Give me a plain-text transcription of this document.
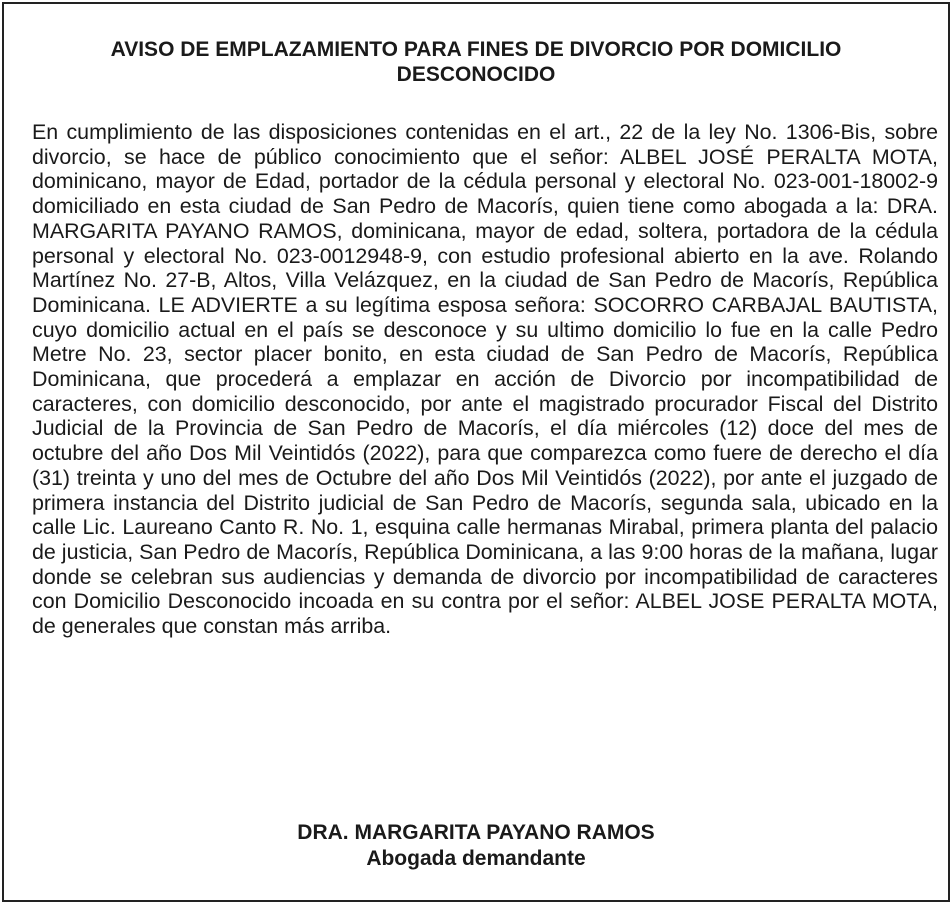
AVISO DE EMPLAZAMIENTO PARA FINES DE DIVORCIO POR DOMICILIO DESCONOCIDO

En cumplimiento de las disposiciones contenidas en el art., 22 de la ley No. 1306-Bis, sobre divorcio, se hace de público conocimiento que el señor: ALBEL JOSÉ PERALTA MOTA, dominicano, mayor de Edad, portador de la cédula personal y electoral No. 023-001-18002-9 domiciliado en esta ciudad de San Pedro de Macorís, quien tiene como abogada a la: DRA. MARGARITA PAYANO RAMOS, dominicana, mayor de edad, soltera, portadora de la cédula personal y electoral No. 023-0012948-9, con estudio profesional abierto en la ave. Rolando Martínez No. 27-B, Altos, Villa Velázquez, en la ciudad de San Pedro de Macorís, República Dominicana. LE ADVIERTE a su legítima esposa señora: SOCORRO CARBAJAL BAUTISTA, cuyo domicilio actual en el país se desconoce y su ultimo domicilio lo fue en la calle Pedro Metre No. 23, sector placer bonito, en esta ciudad de San Pedro de Macorís, República Dominicana, que procederá a emplazar en acción de Divorcio por incompatibilidad de caracteres, con domicilio desconocido, por ante el magistrado procurador Fiscal del Distrito Judicial de la Provincia de San Pedro de Macorís, el día miércoles (12) doce del mes de octubre del año Dos Mil Veintidós (2022), para que comparezca como fuere de derecho el día (31) treinta y uno del mes de Octubre del año Dos Mil Veintidós (2022), por ante el juzgado de primera instancia del Distrito judicial de San Pedro de Macorís, segunda sala, ubicado en la calle Lic. Laureano Canto R. No. 1, esquina calle hermanas Mirabal, primera planta del palacio de justicia, San Pedro de Macorís, República Dominicana, a las 9:00 horas de la mañana, lugar donde se celebran sus audiencias y demanda de divorcio por incompatibilidad de caracteres con Domicilio Desconocido incoada en su contra por el señor: ALBEL JOSE PERALTA MOTA, de generales que constan más arriba.

DRA. MARGARITA PAYANO RAMOS
Abogada demandante
